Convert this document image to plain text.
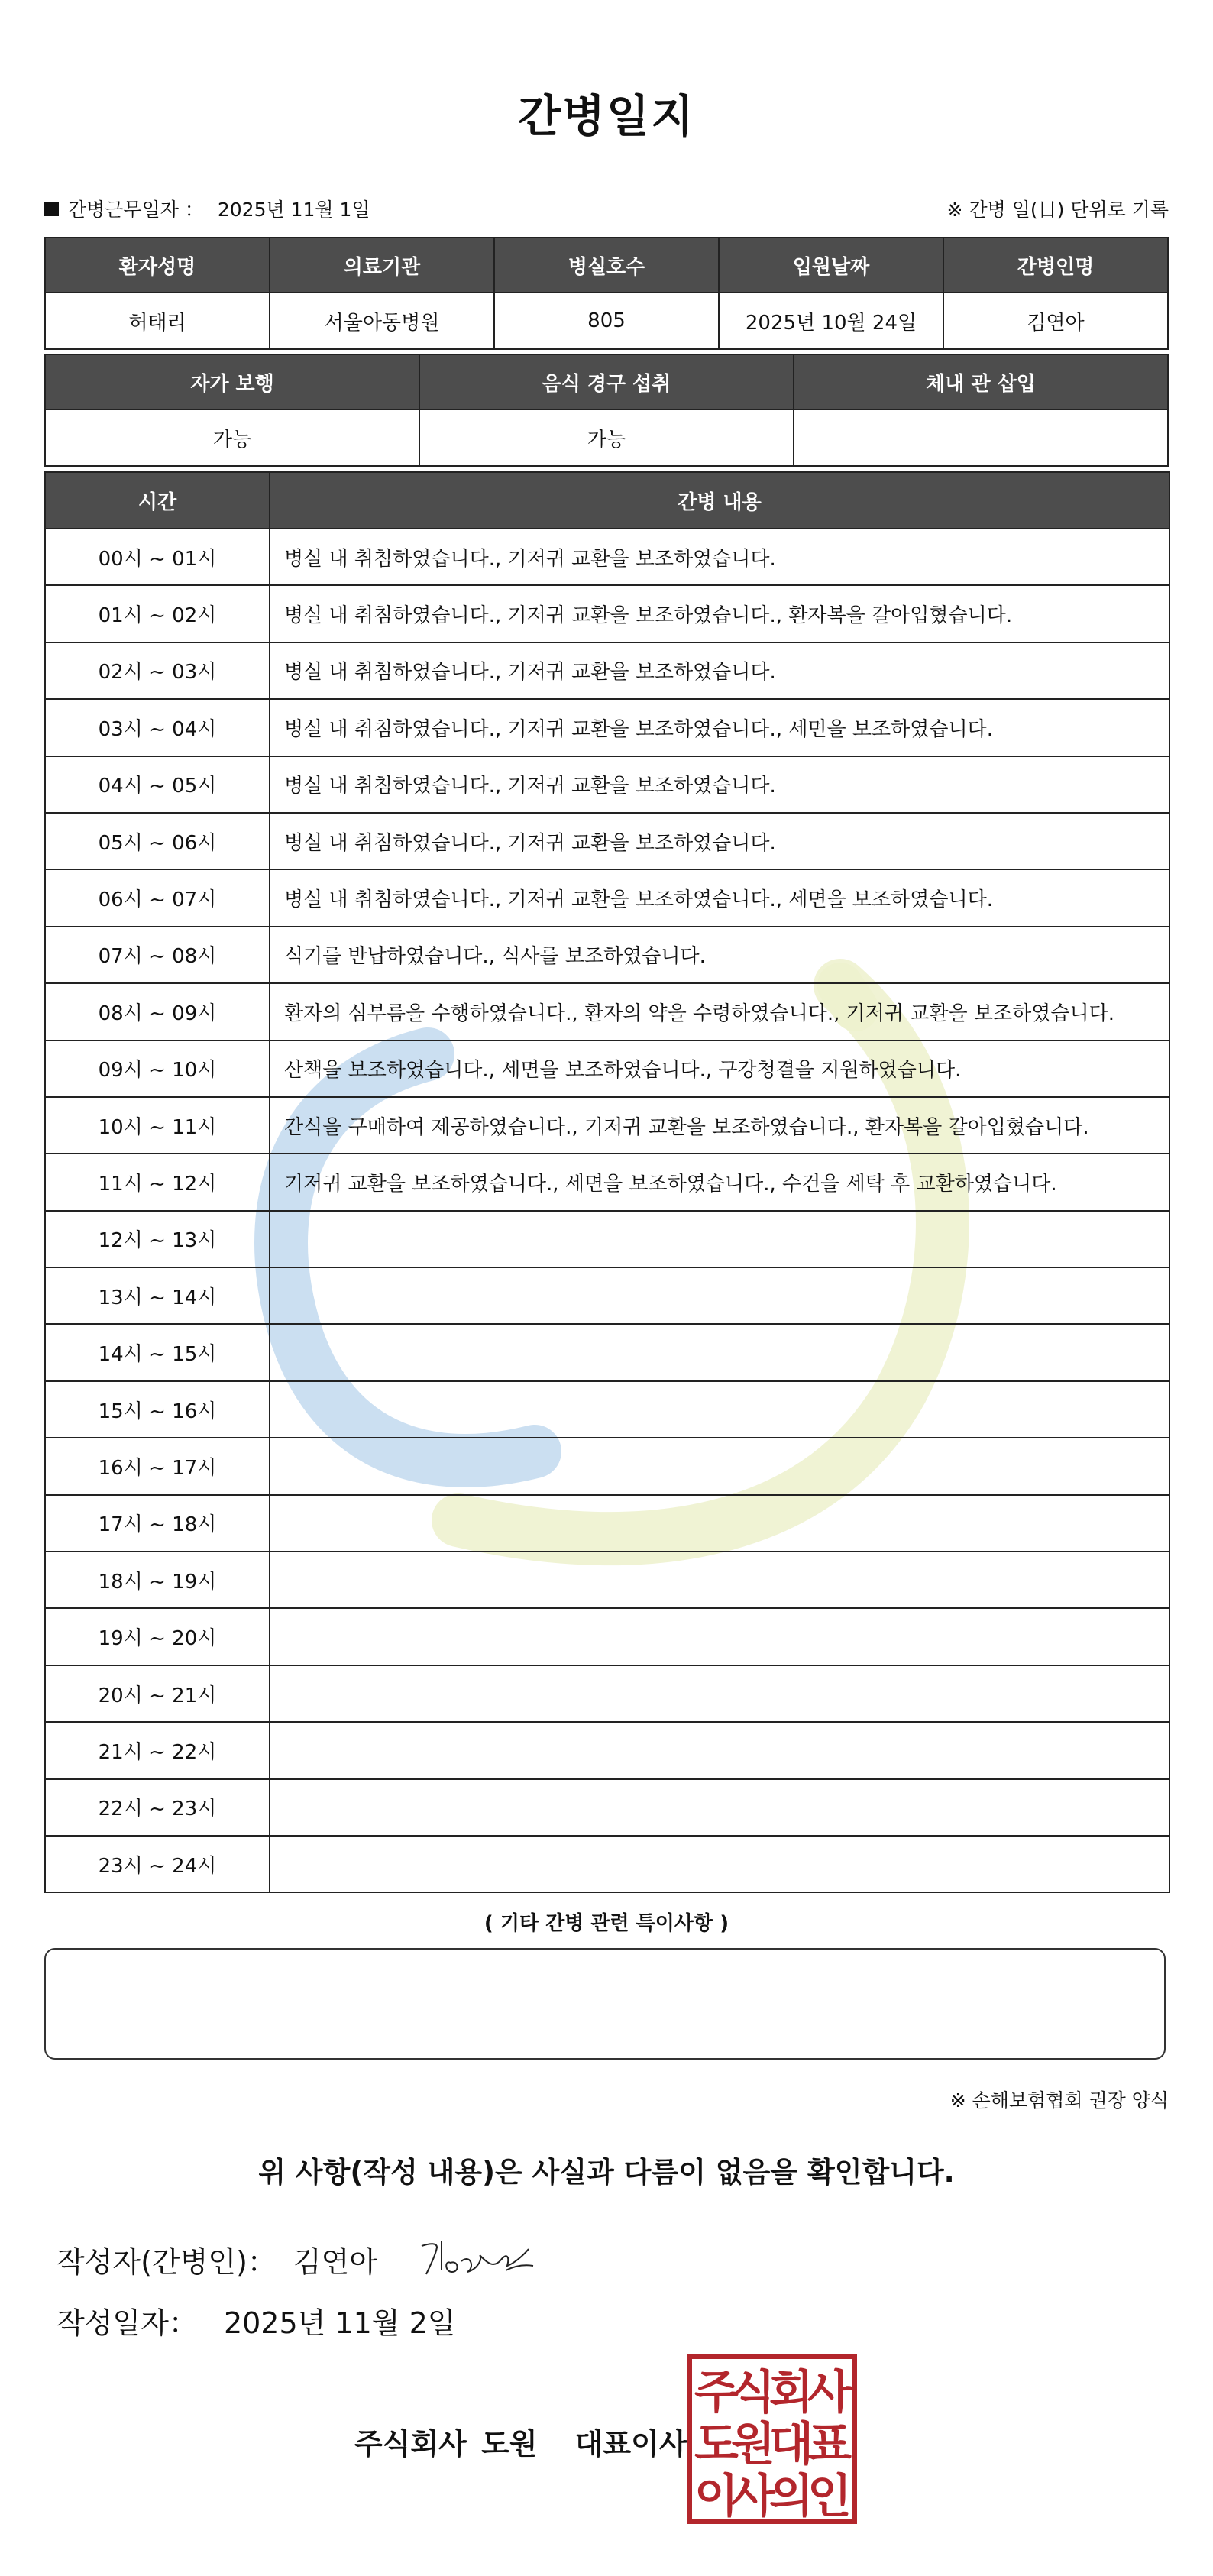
간병일지
간병근무일자 ： 2025년 11월 1일	※ 간병 일(日) 단위로 기록
환자성명	의료기관	병실호수	입원날짜	간병인명
허태리	서울아동병원	805	2025년 10월 24일	김연아
자가 보행	음식 경구 섭취	체내 관 삽입
가능	가능	
시간	간병 내용
00시 ~ 01시	병실 내 취침하였습니다., 기저귀 교환을 보조하였습니다.
01시 ~ 02시	병실 내 취침하였습니다., 기저귀 교환을 보조하였습니다., 환자복을 갈아입혔습니다.
02시 ~ 03시	병실 내 취침하였습니다., 기저귀 교환을 보조하였습니다.
03시 ~ 04시	병실 내 취침하였습니다., 기저귀 교환을 보조하였습니다., 세면을 보조하였습니다.
04시 ~ 05시	병실 내 취침하였습니다., 기저귀 교환을 보조하였습니다.
05시 ~ 06시	병실 내 취침하였습니다., 기저귀 교환을 보조하였습니다.
06시 ~ 07시	병실 내 취침하였습니다., 기저귀 교환을 보조하였습니다., 세면을 보조하였습니다.
07시 ~ 08시	식기를 반납하였습니다., 식사를 보조하였습니다.
08시 ~ 09시	환자의 심부름을 수행하였습니다., 환자의 약을 수령하였습니다., 기저귀 교환을 보조하였습니다.
09시 ~ 10시	산책을 보조하였습니다., 세면을 보조하였습니다., 구강청결을 지원하였습니다.
10시 ~ 11시	간식을 구매하여 제공하였습니다., 기저귀 교환을 보조하였습니다., 환자복을 갈아입혔습니다.
11시 ~ 12시	기저귀 교환을 보조하였습니다., 세면을 보조하였습니다., 수건을 세탁 후 교환하였습니다.
12시 ~ 13시	
13시 ~ 14시	
14시 ~ 15시	
15시 ~ 16시	
16시 ~ 17시	
17시 ~ 18시	
18시 ~ 19시	
19시 ~ 20시	
20시 ~ 21시	
21시 ~ 22시	
22시 ~ 23시	
23시 ~ 24시	
( 기타 간병 관련 특이사항 )
※ 손해보험협회 권장 양식
위 사항(작성 내용)은 사실과 다름이 없음을 확인합니다.
작성자(간병인)： 김연아
작성일자： 2025년 11월 2일
주식회사 도원 대표이사
주
식
회
사
도
원
대
표
이
사
의
인
